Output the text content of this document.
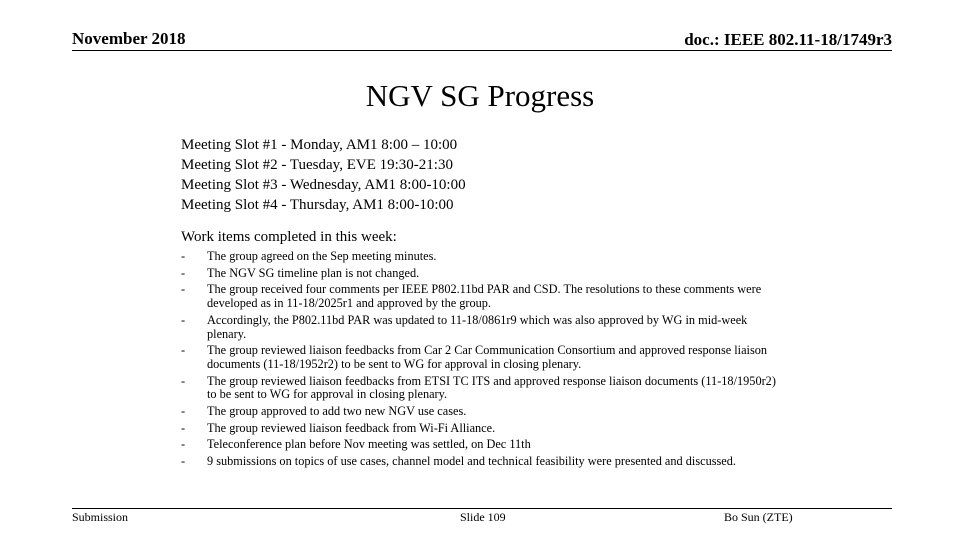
November 2018	doc.: IEEE 802.11-18/1749r3
NGV SG Progress
Meeting Slot #1 - Monday, AM1 8:00 – 10:00
Meeting Slot #2 - Tuesday, EVE 19:30-21:30
Meeting Slot #3 - Wednesday, AM1 8:00-10:00
Meeting Slot #4 - Thursday, AM1 8:00-10:00
Work items completed in this week:
-	The group agreed on the Sep meeting minutes.
-	The NGV SG timeline plan is not changed.
-	The group received four comments per IEEE P802.11bd PAR and CSD. The resolutions to these comments were developed as in 11-18/2025r1 and approved by the group.
-	Accordingly, the P802.11bd PAR was updated to 11-18/0861r9 which was also approved by WG in mid-week plenary.
-	The group reviewed liaison feedbacks from Car 2 Car Communication Consortium and approved response liaison documents (11-18/1952r2) to be sent to WG for approval in closing plenary.
-	The group reviewed liaison feedbacks from ETSI TC ITS and approved response liaison documents (11-18/1950r2) to be sent to WG for approval in closing plenary.
-	The group approved to add two new NGV use cases.
-	The group reviewed liaison feedback from Wi-Fi Alliance.
-	Teleconference plan before Nov meeting was settled, on Dec 11th
-	9 submissions on topics of use cases, channel model and technical feasibility were presented and discussed.
Submission	Slide 109	Bo Sun (ZTE)
